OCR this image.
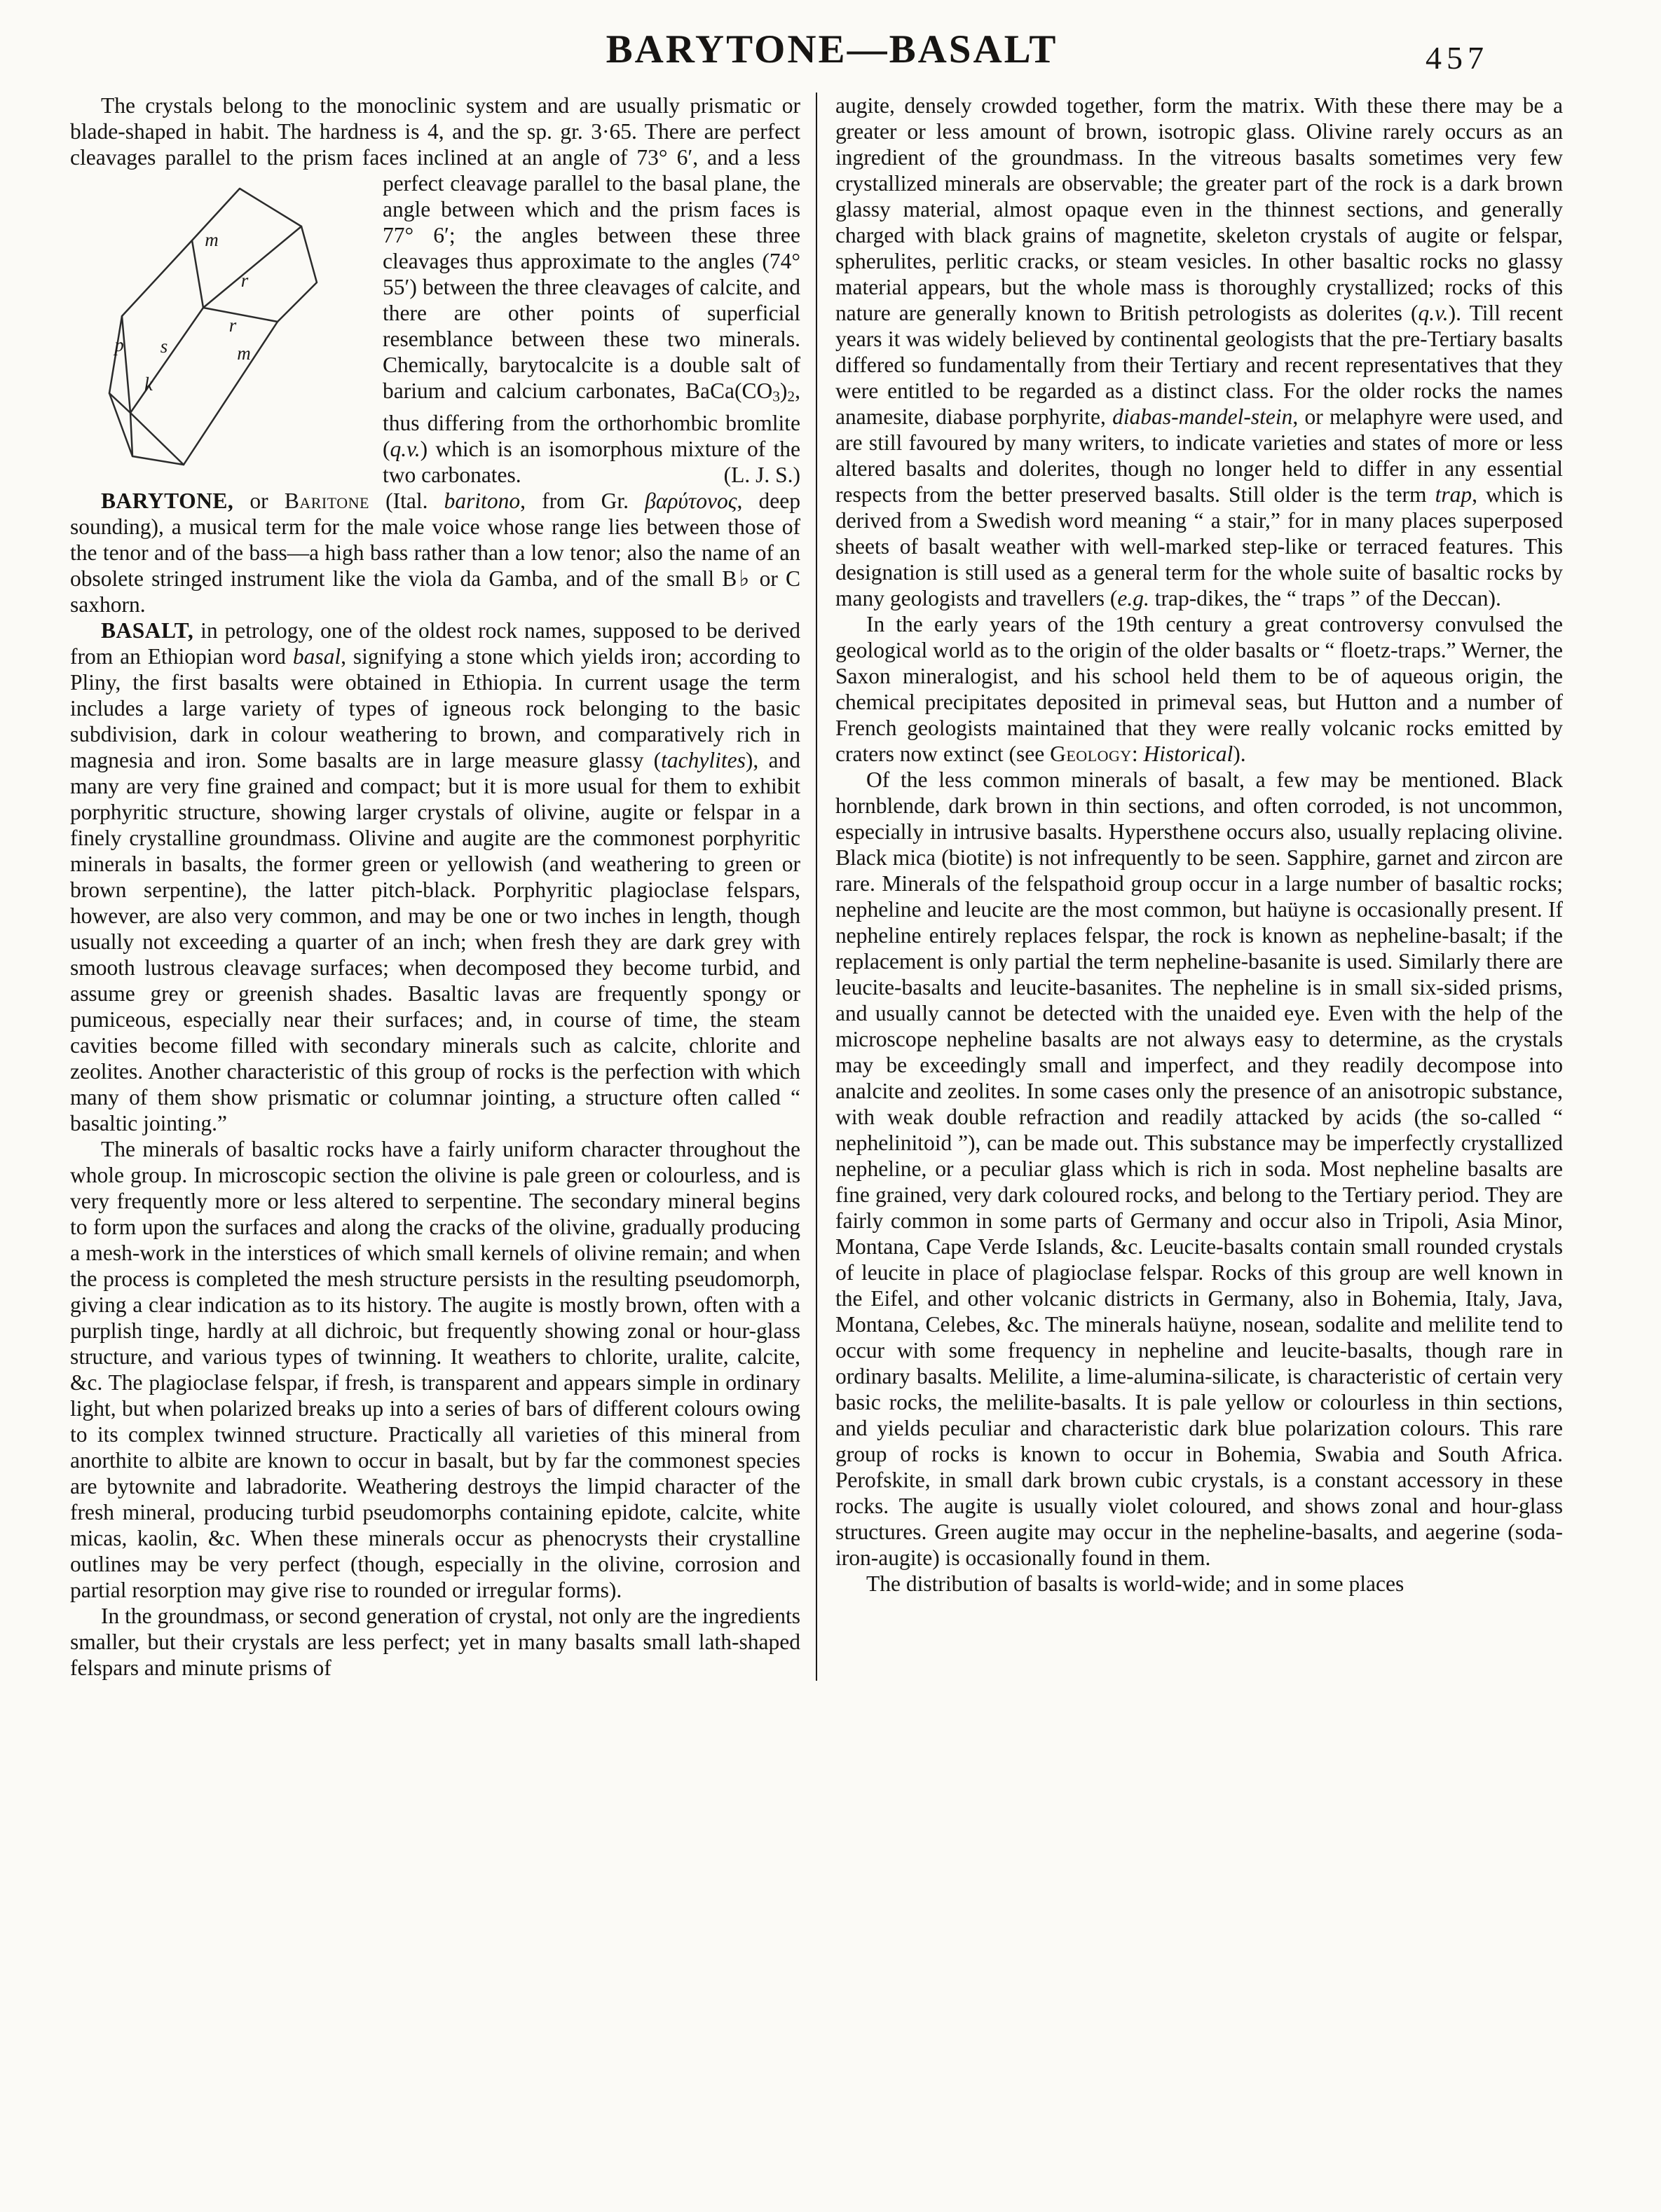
BARYTONE—BASALT	457

The crystals belong to the monoclinic system and are usually prismatic or blade-shaped in habit. The hardness is 4, and the sp. gr. 3·65. There are perfect cleavages parallel to the prism faces inclined at an angle of 73° 6′, and a less perfect cleavage
m
r
p
r
s	m
k
parallel to the basal plane, the angle between which and the prism faces is 77° 6′; the angles between these three cleavages thus approximate to the angles (74° 55′) between the three cleavages of calcite, and there are other points of superficial resemblance between these two minerals. Chemically, barytocalcite is a double salt of barium and calcium carbonates, BaCa(CO3)2, thus differing from the orthorhombic bromlite (q.v.) which is an isomorphous mixture of the two carbonates.	(L. J. S.)

BARYTONE, or Baritone (Ital. baritono, from Gr. βαρύτονος, deep sounding), a musical term for the male voice whose range lies between those of the tenor and of the bass—a high bass rather than a low tenor; also the name of an obsolete stringed instrument like the viola da Gamba, and of the small B♭ or C saxhorn.

BASALT, in petrology, one of the oldest rock names, supposed to be derived from an Ethiopian word basal, signifying a stone which yields iron; according to Pliny, the first basalts were obtained in Ethiopia. In current usage the term includes a large variety of types of igneous rock belonging to the basic subdivision, dark in colour weathering to brown, and comparatively rich in magnesia and iron. Some basalts are in large measure glassy (tachylites), and many are very fine grained and compact; but it is more usual for them to exhibit porphyritic structure, showing larger crystals of olivine, augite or felspar in a finely crystalline groundmass. Olivine and augite are the commonest porphyritic minerals in basalts, the former green or yellowish (and weathering to green or brown serpentine), the latter pitch-black. Porphyritic plagioclase felspars, however, are also very common, and may be one or two inches in length, though usually not exceeding a quarter of an inch; when fresh they are dark grey with smooth lustrous cleavage surfaces; when decomposed they become turbid, and assume grey or greenish shades. Basaltic lavas are frequently spongy or pumiceous, especially near their surfaces; and, in course of time, the steam cavities become filled with secondary minerals such as calcite, chlorite and zeolites. Another characteristic of this group of rocks is the perfection with which many of them show prismatic or columnar jointing, a structure often called “ basaltic jointing.”

The minerals of basaltic rocks have a fairly uniform character throughout the whole group. In microscopic section the olivine is pale green or colourless, and is very frequently more or less altered to serpentine. The secondary mineral begins to form upon the surfaces and along the cracks of the olivine, gradually producing a mesh-work in the interstices of which small kernels of olivine remain; and when the process is completed the mesh structure persists in the resulting pseudomorph, giving a clear indication as to its history. The augite is mostly brown, often with a purplish tinge, hardly at all dichroic, but frequently showing zonal or hour-glass structure, and various types of twinning. It weathers to chlorite, uralite, calcite, &c. The plagioclase felspar, if fresh, is transparent and appears simple in ordinary light, but when polarized breaks up into a series of bars of different colours owing to its complex twinned structure. Practically all varieties of this mineral from anorthite to albite are known to occur in basalt, but by far the commonest species are bytownite and labradorite. Weathering destroys the limpid character of the fresh mineral, producing turbid pseudomorphs containing epidote, calcite, white micas, kaolin, &c. When these minerals occur as phenocrysts their crystalline outlines may be very perfect (though, especially in the olivine, corrosion and partial resorption may give rise to rounded or irregular forms).

In the groundmass, or second generation of crystal, not only are the ingredients smaller, but their crystals are less perfect; yet in many basalts small lath-shaped felspars and minute prisms of

augite, densely crowded together, form the matrix. With these there may be a greater or less amount of brown, isotropic glass. Olivine rarely occurs as an ingredient of the groundmass. In the vitreous basalts sometimes very few crystallized minerals are observable; the greater part of the rock is a dark brown glassy material, almost opaque even in the thinnest sections, and generally charged with black grains of magnetite, skeleton crystals of augite or felspar, spherulites, perlitic cracks, or steam vesicles. In other basaltic rocks no glassy material appears, but the whole mass is thoroughly crystallized; rocks of this nature are generally known to British petrologists as dolerites (q.v.). Till recent years it was widely believed by continental geologists that the pre-Tertiary basalts differed so fundamentally from their Tertiary and recent representatives that they were entitled to be regarded as a distinct class. For the older rocks the names anamesite, diabase porphyrite, diabas-mandel-stein, or melaphyre were used, and are still favoured by many writers, to indicate varieties and states of more or less altered basalts and dolerites, though no longer held to differ in any essential respects from the better preserved basalts. Still older is the term trap, which is derived from a Swedish word meaning “ a stair,” for in many places superposed sheets of basalt weather with well-marked step-like or terraced features. This designation is still used as a general term for the whole suite of basaltic rocks by many geologists and travellers (e.g. trap-dikes, the “ traps ” of the Deccan).

In the early years of the 19th century a great controversy convulsed the geological world as to the origin of the older basalts or “ floetz-traps.” Werner, the Saxon mineralogist, and his school held them to be of aqueous origin, the chemical precipitates deposited in primeval seas, but Hutton and a number of French geologists maintained that they were really volcanic rocks emitted by craters now extinct (see Geology: Historical).

Of the less common minerals of basalt, a few may be mentioned. Black hornblende, dark brown in thin sections, and often corroded, is not uncommon, especially in intrusive basalts. Hypersthene occurs also, usually replacing olivine. Black mica (biotite) is not infrequently to be seen. Sapphire, garnet and zircon are rare. Minerals of the felspathoid group occur in a large number of basaltic rocks; nepheline and leucite are the most common, but haüyne is occasionally present. If nepheline entirely replaces felspar, the rock is known as nepheline-basalt; if the replacement is only partial the term nepheline-basanite is used. Similarly there are leucite-basalts and leucite-basanites. The nepheline is in small six-sided prisms, and usually cannot be detected with the unaided eye. Even with the help of the microscope nepheline basalts are not always easy to determine, as the crystals may be exceedingly small and imperfect, and they readily decompose into analcite and zeolites. In some cases only the presence of an anisotropic substance, with weak double refraction and readily attacked by acids (the so-called “ nephelinitoid ”), can be made out. This substance may be imperfectly crystallized nepheline, or a peculiar glass which is rich in soda. Most nepheline basalts are fine grained, very dark coloured rocks, and belong to the Tertiary period. They are fairly common in some parts of Germany and occur also in Tripoli, Asia Minor, Montana, Cape Verde Islands, &c. Leucite-basalts contain small rounded crystals of leucite in place of plagioclase felspar. Rocks of this group are well known in the Eifel, and other volcanic districts in Germany, also in Bohemia, Italy, Java, Montana, Celebes, &c. The minerals haüyne, nosean, sodalite and melilite tend to occur with some frequency in nepheline and leucite-basalts, though rare in ordinary basalts. Melilite, a lime-alumina-silicate, is characteristic of certain very basic rocks, the melilite-basalts. It is pale yellow or colourless in thin sections, and yields peculiar and characteristic dark blue polarization colours. This rare group of rocks is known to occur in Bohemia, Swabia and South Africa. Perofskite, in small dark brown cubic crystals, is a constant accessory in these rocks. The augite is usually violet coloured, and shows zonal and hour-glass structures. Green augite may occur in the nepheline-basalts, and aegerine (soda-iron-augite) is occasionally found in them.

The distribution of basalts is world-wide; and in some places
